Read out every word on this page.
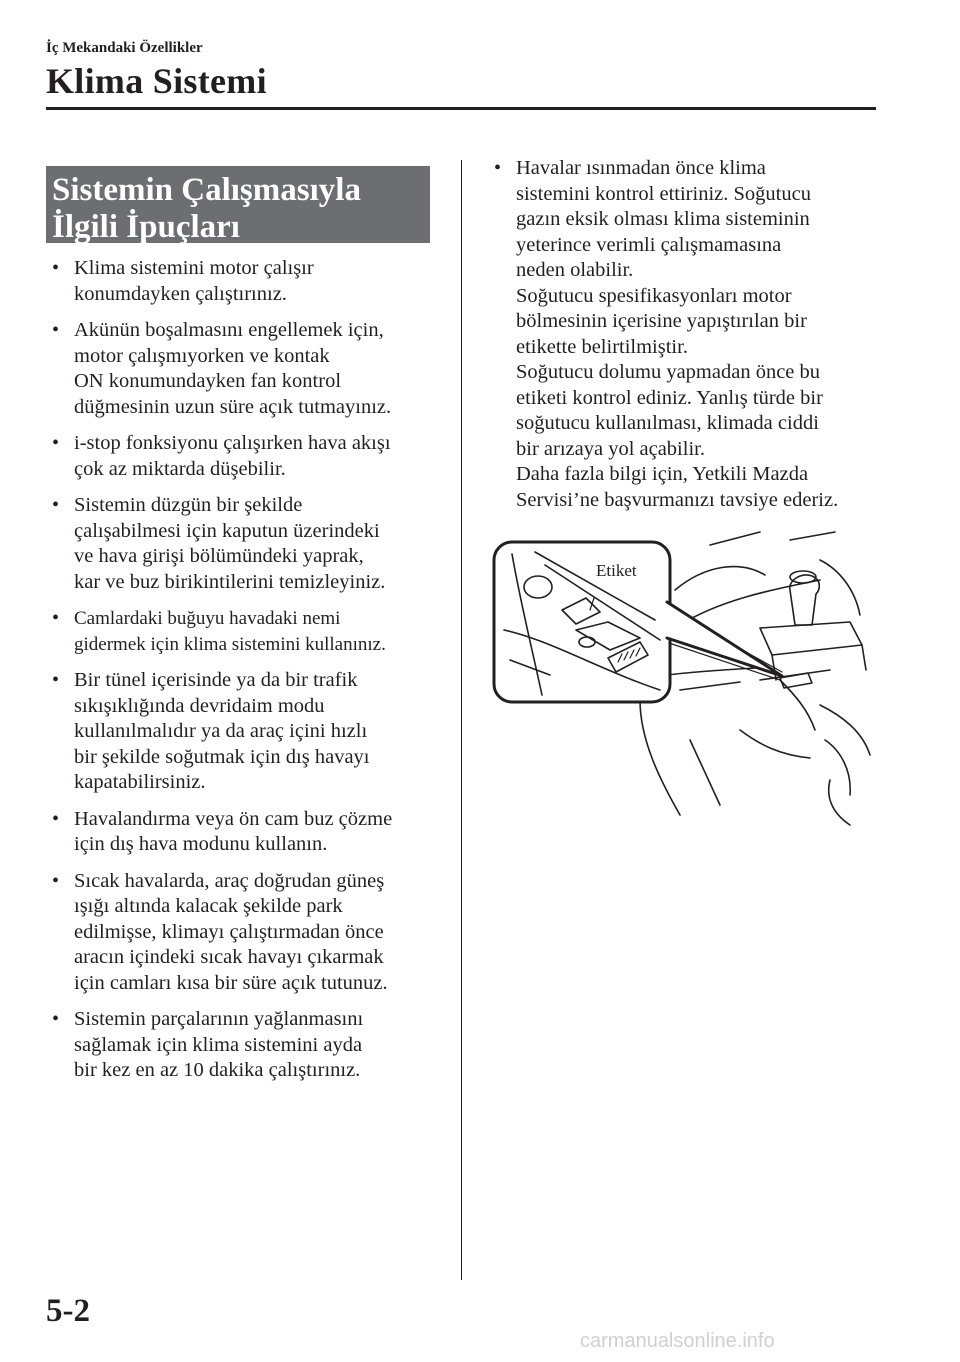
İç Mekandaki Özellikler
Klima Sistemi
Sistemin Çalışmasıyla
İlgili İpuçları
• Klima sistemini motor çalışır
konumdayken çalıştırınız.
• Akünün boşalmasını engellemek için,
motor çalışmıyorken ve kontak
ON konumundayken fan kontrol
düğmesinin uzun süre açık tutmayınız.
• i-stop fonksiyonu çalışırken hava akışı
çok az miktarda düşebilir.
• Sistemin düzgün bir şekilde
çalışabilmesi için kaputun üzerindeki
ve hava girişi bölümündeki yaprak,
kar ve buz birikintilerini temizleyiniz.
• Camlardaki buğuyu havadaki nemi
gidermek için klima sistemini kullanınız.
• Bir tünel içerisinde ya da bir trafik
sıkışıklığında devridaim modu
kullanılmalıdır ya da araç içini hızlı
bir şekilde soğutmak için dış havayı
kapatabilirsiniz.
• Havalandırma veya ön cam buz çözme
için dış hava modunu kullanın.
• Sıcak havalarda, araç doğrudan güneş
ışığı altında kalacak şekilde park
edilmişse, klimayı çalıştırmadan önce
aracın içindeki sıcak havayı çıkarmak
için camları kısa bir süre açık tutunuz.
• Sistemin parçalarının yağlanmasını
sağlamak için klima sistemini ayda
bir kez en az 10 dakika çalıştırınız.
• Havalar ısınmadan önce klima
sistemini kontrol ettiriniz. Soğutucu
gazın eksik olması klima sisteminin
yeterince verimli çalışmamasına
neden olabilir.
Soğutucu spesifikasyonları motor
bölmesinin içerisine yapıştırılan bir
etikette belirtilmiştir.
Soğutucu dolumu yapmadan önce bu
etiketi kontrol ediniz. Yanlış türde bir
soğutucu kullanılması, klimada ciddi
bir arızaya yol açabilir.
Daha fazla bilgi için, Yetkili Mazda
Servisi’ne başvurmanızı tavsiye ederiz.
Etiket
5-2
carmanualsonline.info
